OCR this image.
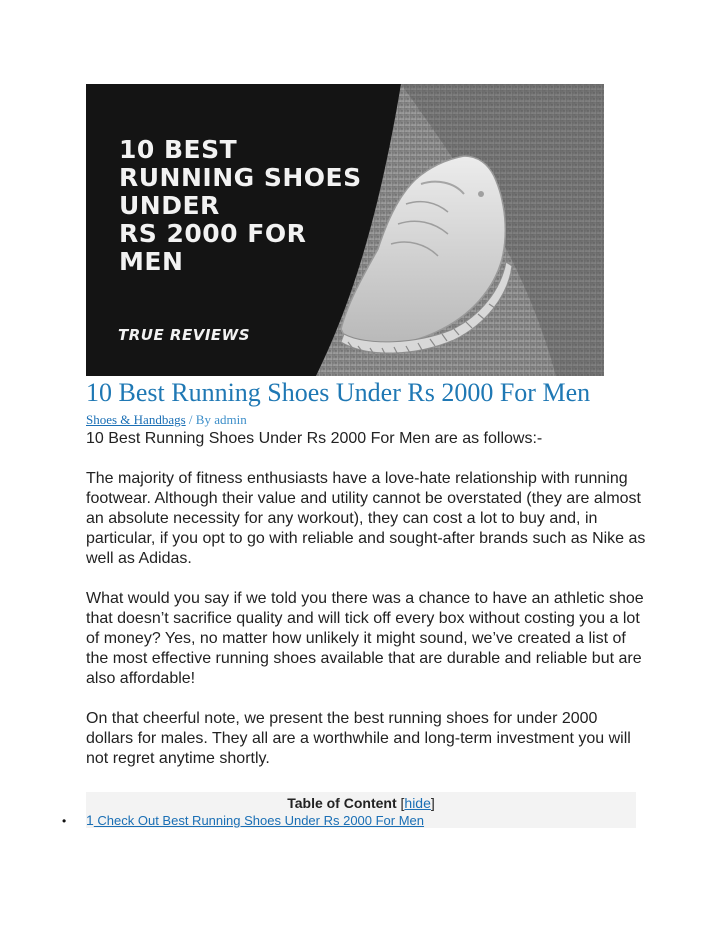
10 BEST
RUNNING SHOES
UNDER
RS 2000 FOR
MEN

TRUE REVIEWS
10 Best Running Shoes Under Rs 2000 For Men
Shoes & Handbags / By admin

10 Best Running Shoes Under Rs 2000 For Men are as follows:-

The majority of fitness enthusiasts have a love-hate relationship with running footwear. Although their value and utility cannot be overstated (they are almost an absolute necessity for any workout), they can cost a lot to buy and, in particular, if you opt to go with reliable and sought-after brands such as Nike as well as Adidas.

What would you say if we told you there was a chance to have an athletic shoe that doesn’t sacrifice quality and will tick off every box without costing you a lot of money? Yes, no matter how unlikely it might sound, we’ve created a list of the most effective running shoes available that are durable and reliable but are also affordable!

On that cheerful note, we present the best running shoes for under 2000 dollars for males. They all are a worthwhile and long-term investment you will not regret anytime shortly.

Table of Content [hide]
• 1 Check Out Best Running Shoes Under Rs 2000 For Men
